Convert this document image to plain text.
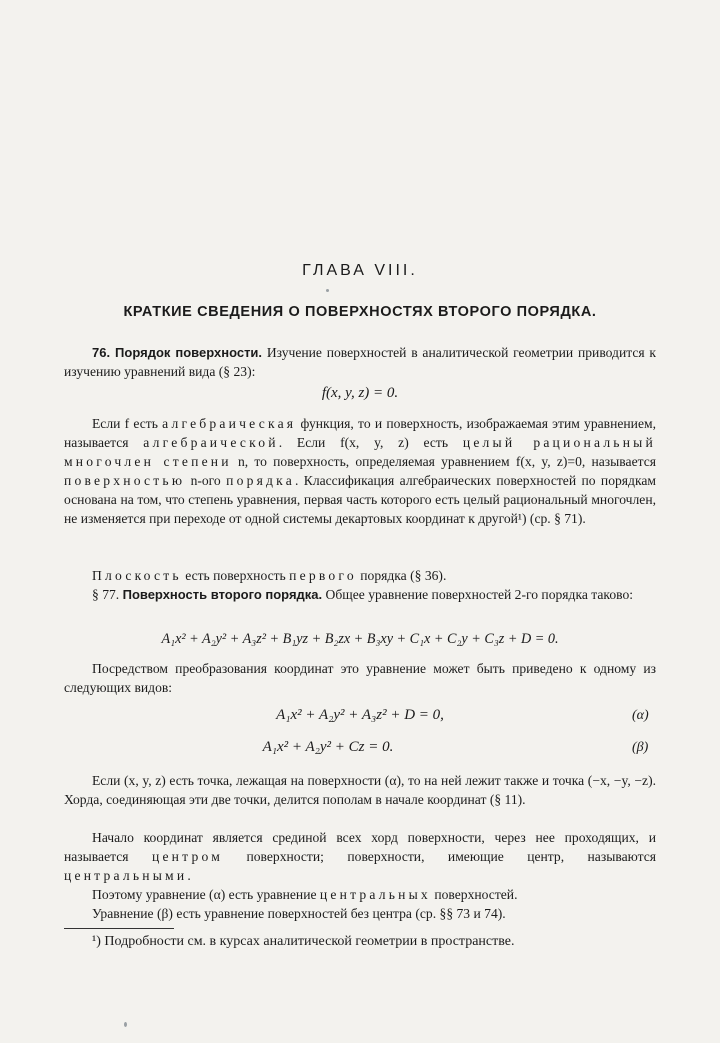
ГЛАВА VIII.
КРАТКИЕ СВЕДЕНИЯ О ПОВЕРХНОСТЯХ ВТОРОГО ПОРЯДКА.
76. Порядок поверхности. Изучение поверхностей в аналитической геометрии приводится к изучению уравнений вида (§ 23):
f(x, y, z) = 0.
Если f есть алгебраическая функция, то и поверхность, изображаемая этим уравнением, называется алгебраической. Если f(x, y, z) есть целый рациональный многочлен степени n, то поверхность, определяемая уравнением f(x, y, z)=0, называется поверхностью n-ого порядка. Классификация алгебраических поверхностей по порядкам основана на том, что степень уравнения, первая часть которого есть целый рациональный многочлен, не изменяется при переходе от одной системы декартовых координат к другой¹) (ср. § 71).
Плоскость есть поверхность первого порядка (§ 36).
§ 77. Поверхность второго порядка. Общее уравнение поверхностей 2-го порядка таково:
A₁x² + A₂y² + A₃z² + B₁yz + B₂zx + B₃xy + C₁x + C₂y + C₃z + D = 0.
Посредством преобразования координат это уравнение может быть приведено к одному из следующих видов:
A₁x² + A₂y² + A₃z² + D = 0,	(α)
A₁x² + A₂y² + Cz = 0.	(β)
Если (x, y, z) есть точка, лежащая на поверхности (α), то на ней лежит также и точка (−x, −y, −z). Хорда, соединяющая эти две точки, делится пополам в начале координат (§ 11).
Начало координат является срединой всех хорд поверхности, через нее проходящих, и называется центром поверхности; поверхности, имеющие центр, называются центральными.
Поэтому уравнение (α) есть уравнение центральных поверхностей.
Уравнение (β) есть уравнение поверхностей без центра (ср. §§ 73 и 74).
¹) Подробности см. в курсах аналитической геометрии в пространстве.
